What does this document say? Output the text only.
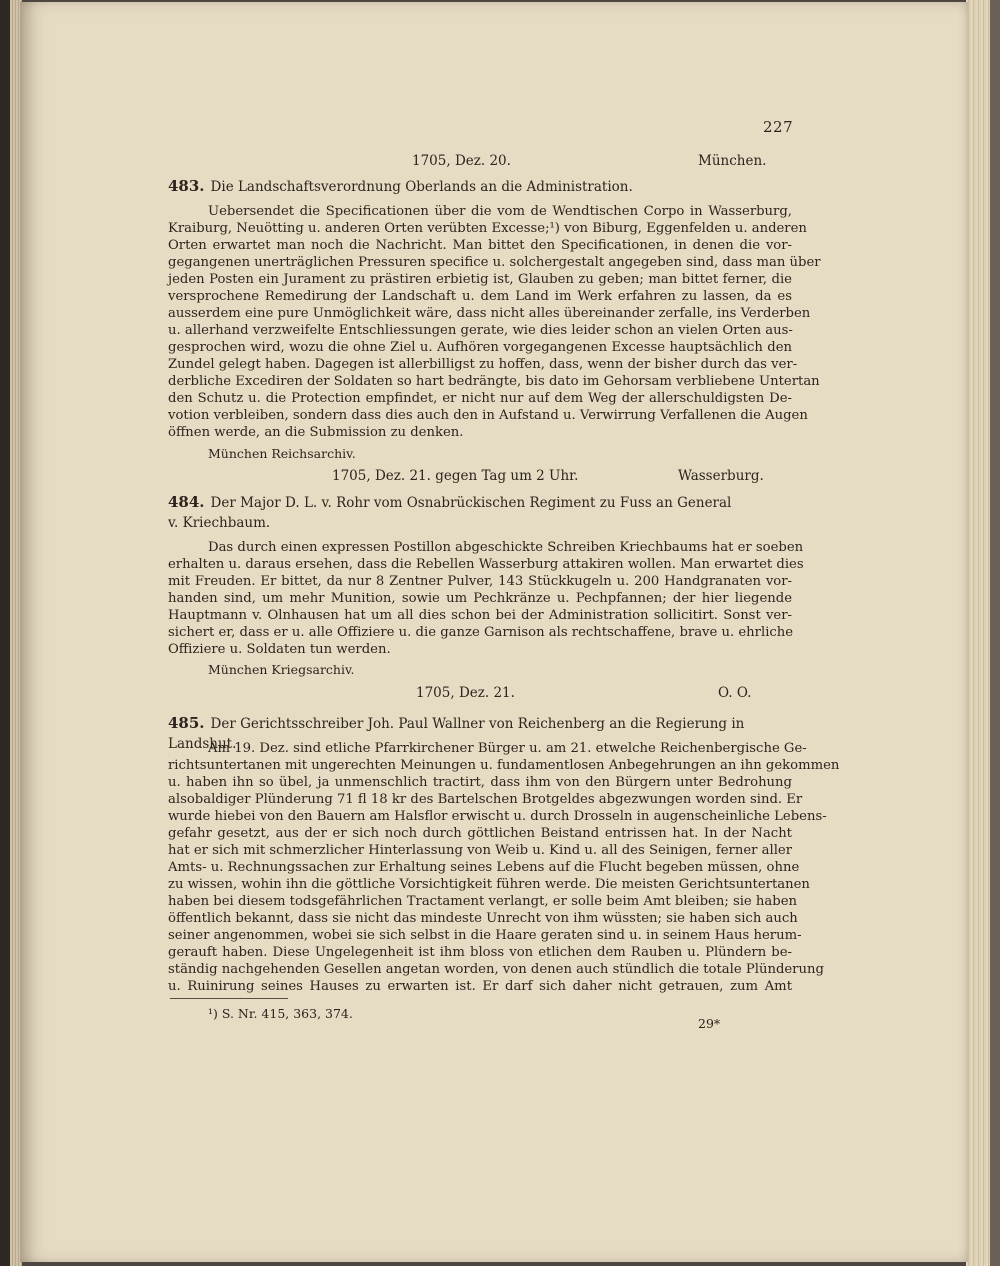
227
1705, Dez. 20.	München.
483. Die Landschaftsverordnung Oberlands an die Administration.
Uebersendet die Specificationen über die vom de Wendtischen Corpo in Wasserburg,
Kraiburg, Neuötting u. anderen Orten verübten Excesse;¹) von Biburg, Eggenfelden u. anderen
Orten erwartet man noch die Nachricht. Man bittet den Specificationen, in denen die vor-
gegangenen unerträglichen Pressuren specifice u. solchergestalt angegeben sind, dass man über
jeden Posten ein Jurament zu prästiren erbietig ist, Glauben zu geben; man bittet ferner, die
versprochene Remedirung der Landschaft u. dem Land im Werk erfahren zu lassen, da es
ausserdem eine pure Unmöglichkeit wäre, dass nicht alles übereinander zerfalle, ins Verderben
u. allerhand verzweifelte Entschliessungen gerate, wie dies leider schon an vielen Orten aus-
gesprochen wird, wozu die ohne Ziel u. Aufhören vorgegangenen Excesse hauptsächlich den
Zundel gelegt haben. Dagegen ist allerbilligst zu hoffen, dass, wenn der bisher durch das ver-
derbliche Excediren der Soldaten so hart bedrängte, bis dato im Gehorsam verbliebene Untertan
den Schutz u. die Protection empfindet, er nicht nur auf dem Weg der allerschuldigsten De-
votion verbleiben, sondern dass dies auch den in Aufstand u. Verwirrung Verfallenen die Augen
öffnen werde, an die Submission zu denken.
München Reichsarchiv.
1705, Dez. 21. gegen Tag um 2 Uhr.	Wasserburg.
484. Der Major D. L. v. Rohr vom Osnabrückischen Regiment zu Fuss an General
v. Kriechbaum.
Das durch einen expressen Postillon abgeschickte Schreiben Kriechbaums hat er soeben
erhalten u. daraus ersehen, dass die Rebellen Wasserburg attakiren wollen. Man erwartet dies
mit Freuden. Er bittet, da nur 8 Zentner Pulver, 143 Stückkugeln u. 200 Handgranaten vor-
handen sind, um mehr Munition, sowie um Pechkränze u. Pechpfannen; der hier liegende
Hauptmann v. Olnhausen hat um all dies schon bei der Administration sollicitirt. Sonst ver-
sichert er, dass er u. alle Offiziere u. die ganze Garnison als rechtschaffene, brave u. ehrliche
Offiziere u. Soldaten tun werden.
München Kriegsarchiv.
1705, Dez. 21.	O. O.
485. Der Gerichtsschreiber Joh. Paul Wallner von Reichenberg an die Regierung in Landshut.
Am 19. Dez. sind etliche Pfarrkirchener Bürger u. am 21. etwelche Reichenbergische Ge-
richtsuntertanen mit ungerechten Meinungen u. fundamentlosen Anbegehrungen an ihn gekommen
u. haben ihn so übel, ja unmenschlich tractirt, dass ihm von den Bürgern unter Bedrohung
alsobaldiger Plünderung 71 fl 18 kr des Bartelschen Brotgeldes abgezwungen worden sind. Er
wurde hiebei von den Bauern am Halsflor erwischt u. durch Drosseln in augenscheinliche Lebens-
gefahr gesetzt, aus der er sich noch durch göttlichen Beistand entrissen hat. In der Nacht
hat er sich mit schmerzlicher Hinterlassung von Weib u. Kind u. all des Seinigen, ferner aller
Amts- u. Rechnungssachen zur Erhaltung seines Lebens auf die Flucht begeben müssen, ohne
zu wissen, wohin ihn die göttliche Vorsichtigkeit führen werde. Die meisten Gerichtsuntertanen
haben bei diesem todsgefährlichen Tractament verlangt, er solle beim Amt bleiben; sie haben
öffentlich bekannt, dass sie nicht das mindeste Unrecht von ihm wüssten; sie haben sich auch
seiner angenommen, wobei sie sich selbst in die Haare geraten sind u. in seinem Haus herum-
gerauft haben. Diese Ungelegenheit ist ihm bloss von etlichen dem Rauben u. Plündern be-
ständig nachgehenden Gesellen angetan worden, von denen auch stündlich die totale Plünderung
u. Ruinirung seines Hauses zu erwarten ist. Er darf sich daher nicht getrauen, zum Amt
¹) S. Nr. 415, 363, 374.
29*
